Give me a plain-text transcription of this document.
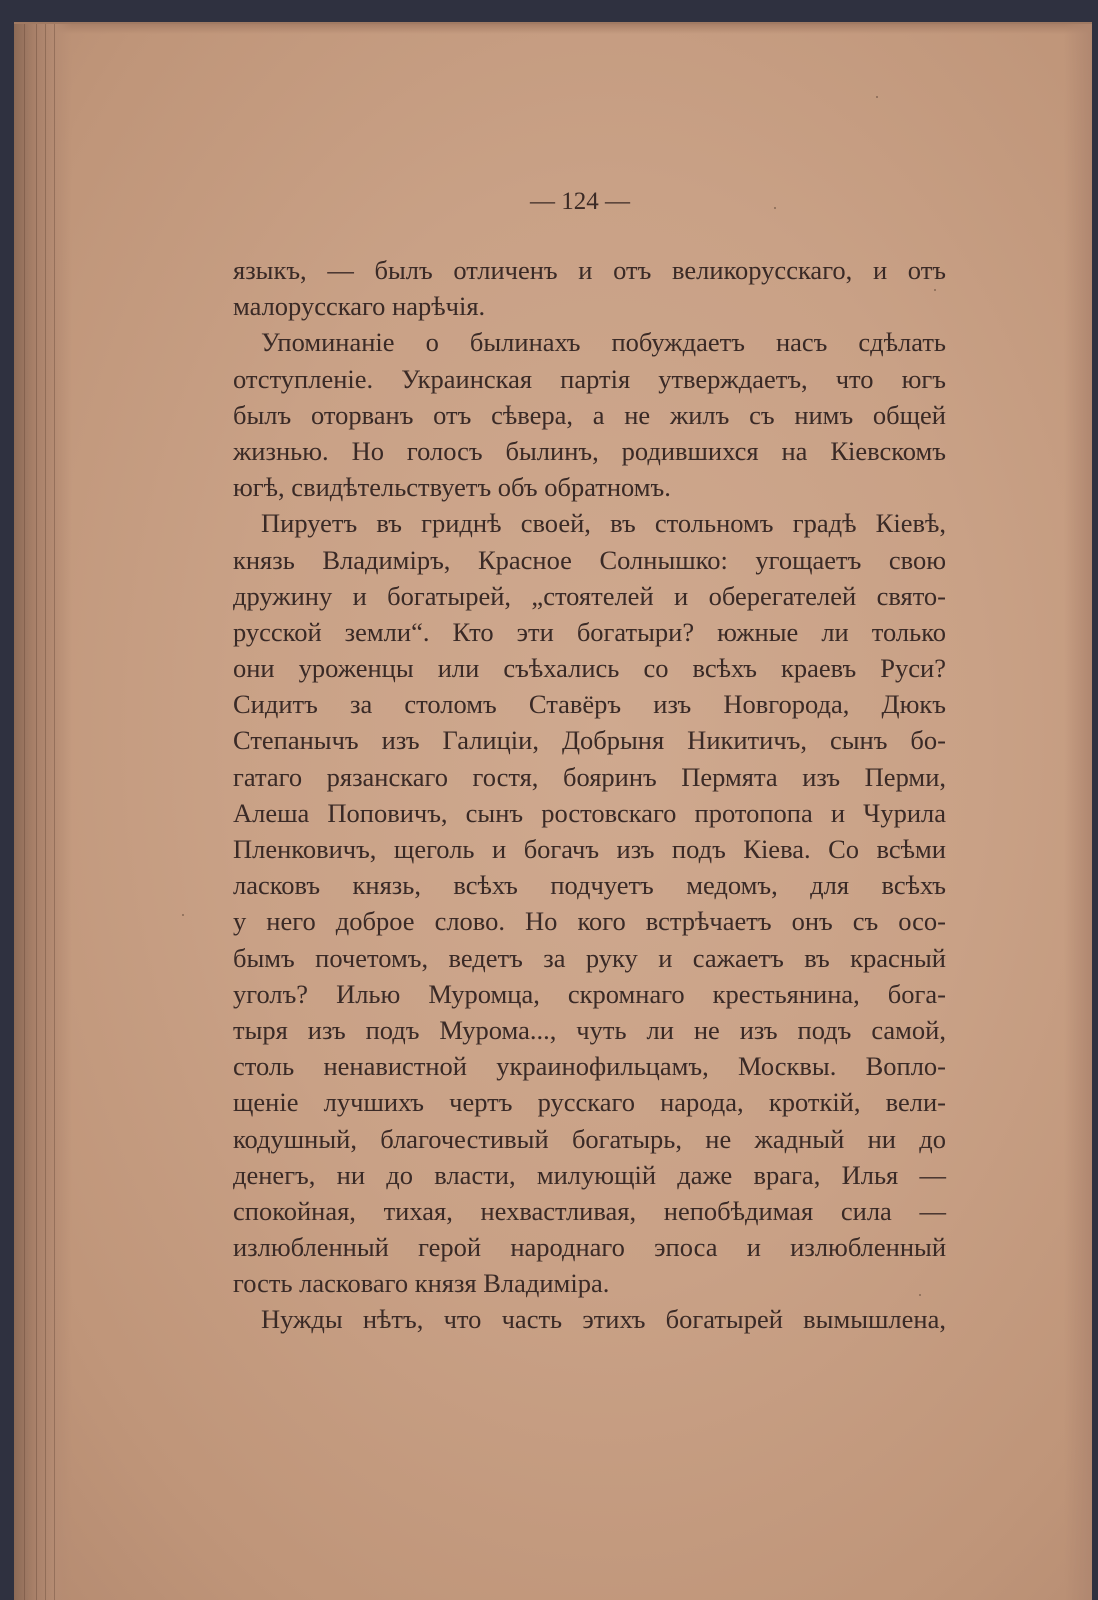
— 124 —
языкъ, — былъ отличенъ и отъ великорусскаго, и отъ
малорусскаго нарѣчія.
Упоминаніе о былинахъ побуждаетъ насъ сдѣлать
отступленіе. Украинская партія утверждаетъ, что югъ
былъ оторванъ отъ сѣвера, а не жилъ съ нимъ общей
жизнью. Но голосъ былинъ, родившихся на Кіевскомъ
югѣ, свидѣтельствуетъ объ обратномъ.
Пируетъ въ гриднѣ своей, въ стольномъ градѣ Кіевѣ,
князь Владиміръ, Красное Солнышко: угощаетъ свою
дружину и богатырей, „стоятелей и оберегателей свято-
русской земли“. Кто эти богатыри? южные ли только
они уроженцы или съѣхались со всѣхъ краевъ Руси?
Сидитъ за столомъ Ставёръ изъ Новгорода, Дюкъ
Степанычъ изъ Галиціи, Добрыня Никитичъ, сынъ бо-
гатаго рязанскаго гостя, бояринъ Пермята изъ Перми,
Алеша Поповичъ, сынъ ростовскаго протопопа и Чурила
Пленковичъ, щеголь и богачъ изъ подъ Кіева. Со всѣми
ласковъ князь, всѣхъ подчуетъ медомъ, для всѣхъ
у него доброе слово. Но кого встрѣчаетъ онъ съ осо-
бымъ почетомъ, ведетъ за руку и сажаетъ въ красный
уголъ? Илью Муромца, скромнаго крестьянина, бога-
тыря изъ подъ Мурома..., чуть ли не изъ подъ самой,
столь ненавистной украинофильцамъ, Москвы. Вопло-
щеніе лучшихъ чертъ русскаго народа, кроткій, вели-
кодушный, благочестивый богатырь, не жадный ни до
денегъ, ни до власти, милующій даже врага, Илья —
спокойная, тихая, нехвастливая, непобѣдимая сила —
излюбленный герой народнаго эпоса и излюбленный
гость ласковаго князя Владиміра.
Нужды нѣтъ, что часть этихъ богатырей вымышлена,
